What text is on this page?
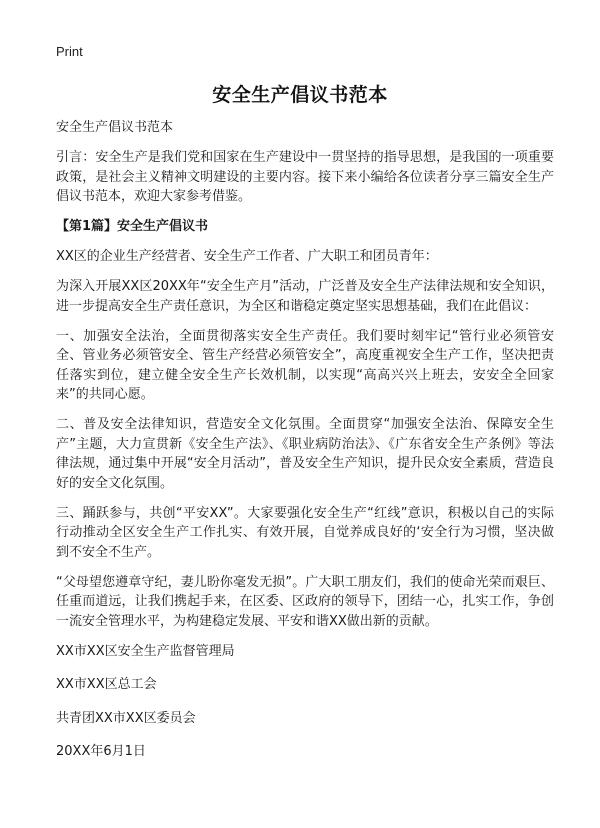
Print
安全生产倡议书范本

安全生产倡议书范本

引言：安全生产是我们党和国家在生产建设中一贯坚持的指导思想，是我国的一项重要政策，是社会主义精神文明建设的主要内容。接下来小编给各位读者分享三篇安全生产倡议书范本，欢迎大家参考借鉴。

【第1篇】安全生产倡议书

XX区的企业生产经营者、安全生产工作者、广大职工和团员青年：

为深入开展XX区20XX年“安全生产月”活动，广泛普及安全生产法律法规和安全知识，进一步提高安全生产责任意识，为全区和谐稳定奠定坚实思想基础，我们在此倡议：

一、加强安全法治，全面贯彻落实安全生产责任。我们要时刻牢记“管行业必须管安全、管业务必须管安全、管生产经营必须管安全”，高度重视安全生产工作，坚决把责任落实到位，建立健全安全生产长效机制，以实现“高高兴兴上班去，安安全全回家来”的共同心愿。

二、普及安全法律知识，营造安全文化氛围。全面贯穿“加强安全法治、保障安全生产”主题，大力宣贯新《安全生产法》、《职业病防治法》、《广东省安全生产条例》等法律法规，通过集中开展“安全月活动”，普及安全生产知识，提升民众安全素质，营造良好的安全文化氛围。

三、踊跃参与，共创“平安XX”。大家要强化安全生产“红线”意识，积极以自己的实际行动推动全区安全生产工作扎实、有效开展，自觉养成良好的‘安全行为习惯，坚决做到不安全不生产。

“父母望您遵章守纪，妻儿盼你毫发无损”。广大职工朋友们，我们的使命光荣而艰巨、任重而道远，让我们携起手来，在区委、区政府的领导下，团结一心，扎实工作，争创一流安全管理水平，为构建稳定发展、平安和谐XX做出新的贡献。

XX市XX区安全生产监督管理局

XX市XX区总工会

共青团XX市XX区委员会

20XX年6月1日
